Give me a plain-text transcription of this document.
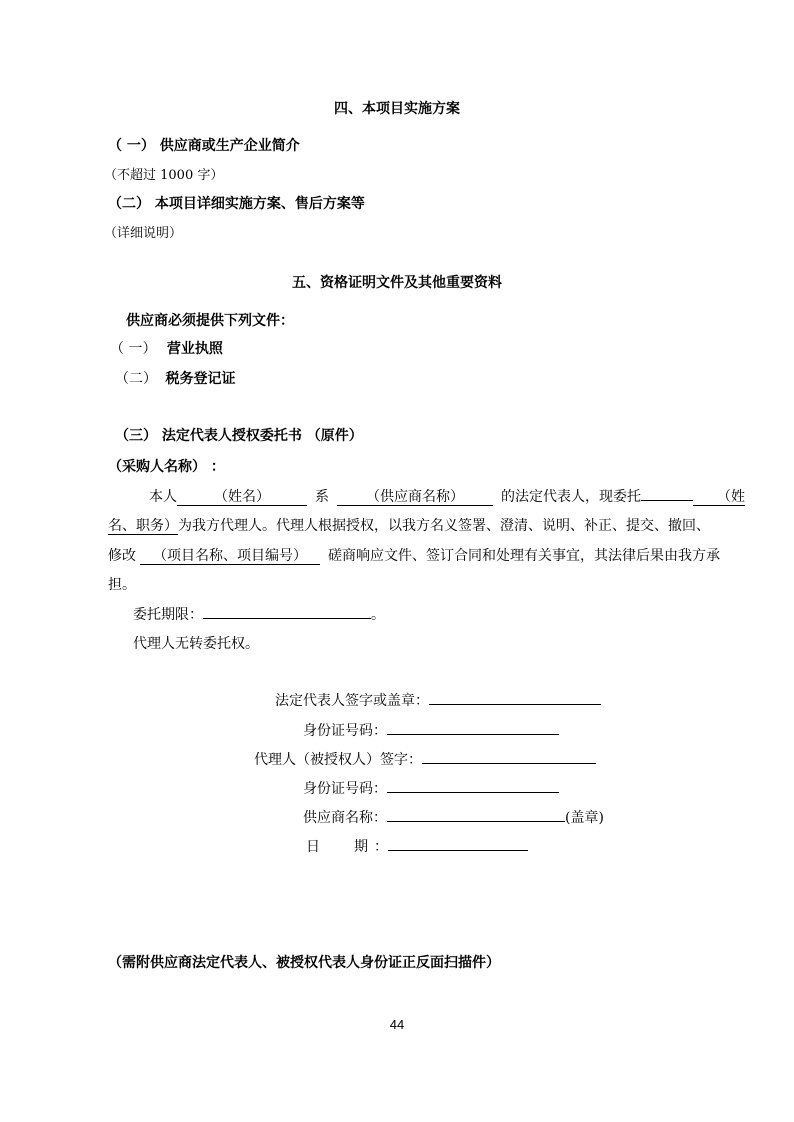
四、本项目实施方案
（ 一） 供应商或生产企业简介
（不超过 1000 字）
（二） 本项目详细实施方案、售后方案等
（详细说明）
五、资格证明文件及其他重要资料
供应商必须提供下列文件：
（ 一） 营业执照
（二） 税务登记证
（三） 法定代表人授权委托书 （原件）
（采购人名称） ：
本人	（姓名）	系	（供应商名称）	的法定代表人，现委托	（姓
名、职务）为我方代理人。代理人根据授权，以我方名义签署、澄清、说明、补正、提交、撤回、
修改 （项目名称、项目编号） 磋商响应文件、签订合同和处理有关事宜，其法律后果由我方承
担。
委托期限：	。
代理人无转委托权。
法定代表人签字或盖章：
身份证号码：
代理人（被授权人）签字：
身份证号码：
供应商名称：	(盖章)
日 期 ：
（需附供应商法定代表人、被授权代表人身份证正反面扫描件）
44
